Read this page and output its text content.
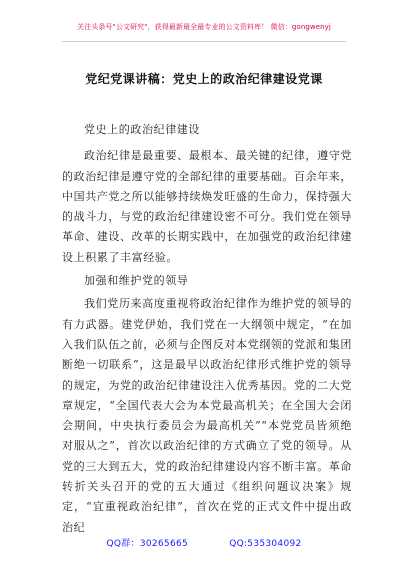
关注头条号"公文研究"，获得最新最全最专业的公文资料库！ 微信：gongwenyj
党纪党课讲稿：党史上的政治纪律建设党课
党史上的政治纪律建设

政治纪律是最重要、最根本、最关键的纪律，遵守党的政治纪律是遵守党的全部纪律的重要基础。百余年来，中国共产党之所以能够持续焕发旺盛的生命力，保持强大的战斗力，与党的政治纪律建设密不可分。我们党在领导革命、建设、改革的长期实践中，在加强党的政治纪律建设上积累了丰富经验。

加强和维护党的领导

我们党历来高度重视将政治纪律作为维护党的领导的有力武器。建党伊始，我们党在一大纲领中规定，“在加入我们队伍之前，必须与企图反对本党纲领的党派和集团断绝一切联系”，这是最早以政治纪律形式维护党的领导的规定，为党的政治纪律建设注入优秀基因。党的二大党章规定，“全国代表大会为本党最高机关；在全国大会闭会期间，中央执行委员会为最高机关”“本党党员皆须绝对服从之”，首次以政治纪律的方式确立了党的领导。从党的三大到五大，党的政治纪律建设内容不断丰富。革命转折关头召开的党的五大通过《组织问题议决案》规定，“宜重视政治纪律”，首次在党的正式文件中提出政治纪

QQ群：30265665	QQ:535304092
